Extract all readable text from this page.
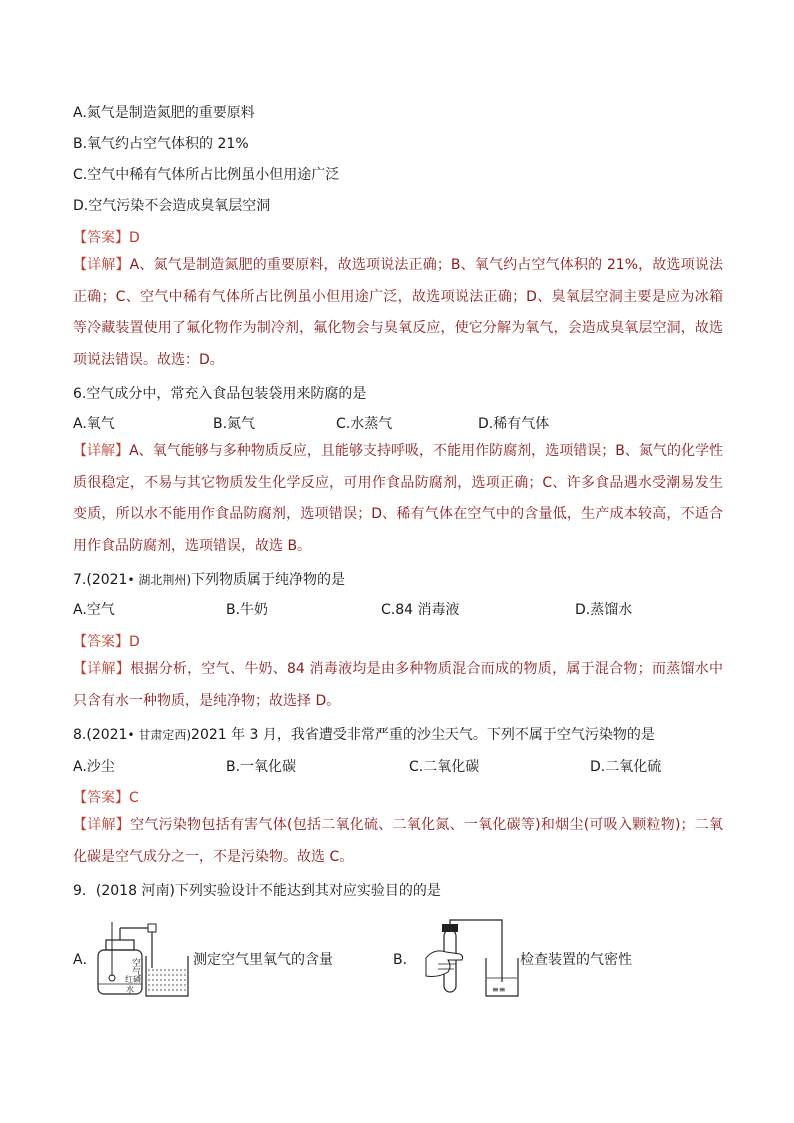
A.氮气是制造氮肥的重要原料
B.氧气约占空气体积的 21%
C.空气中稀有气体所占比例虽小但用途广泛
D.空气污染不会造成臭氧层空洞
【答案】D
【详解】A、氮气是制造氮肥的重要原料，故选项说法正确；B、氧气约占空气体积的 21%，故选项说法正确；C、空气中稀有气体所占比例虽小但用途广泛，故选项说法正确；D、臭氧层空洞主要是应为冰箱等冷藏装置使用了氟化物作为制冷剂，氟化物会与臭氧反应，使它分解为氧气，会造成臭氧层空洞，故选项说法错误。故选：D。
6.空气成分中，常充入食品包装袋用来防腐的是
A.氧气	B.氮气	C.水蒸气	D.稀有气体
【详解】A、氧气能够与多种物质反应，且能够支持呼吸，不能用作防腐剂，选项错误；B、氮气的化学性质很稳定，不易与其它物质发生化学反应，可用作食品防腐剂，选项正确；C、许多食品遇水受潮易发生变质，所以水不能用作食品防腐剂，选项错误；D、稀有气体在空气中的含量低，生产成本较高，不适合用作食品防腐剂，选项错误，故选 B。
7.(2021• 湖北荆州)下列物质属于纯净物的是
A.空气	B.牛奶	C.84 消毒液	D.蒸馏水
【答案】D
【详解】根据分析，空气、牛奶、84 消毒液均是由多种物质混合而成的物质，属于混合物；而蒸馏水中只含有水一种物质，是纯净物；故选择 D。
8.(2021• 甘肃定西)2021 年 3 月，我省遭受非常严重的沙尘天气。下列不属于空气污染物的是
A.沙尘	B.一氧化碳	C.二氧化碳	D.二氧化硫
【答案】C
【详解】空气污染物包括有害气体(包括二氧化硫、二氧化氮、一氧化碳等)和烟尘(可吸入颗粒物)；二氧化碳是空气成分之一，不是污染物。故选 C。
9．(2018 河南)下列实验设计不能达到其对应实验目的的是
A．	空
气
红磷
水
测定空气里氧气的含量	B．
≡≡
检查装置的气密性
